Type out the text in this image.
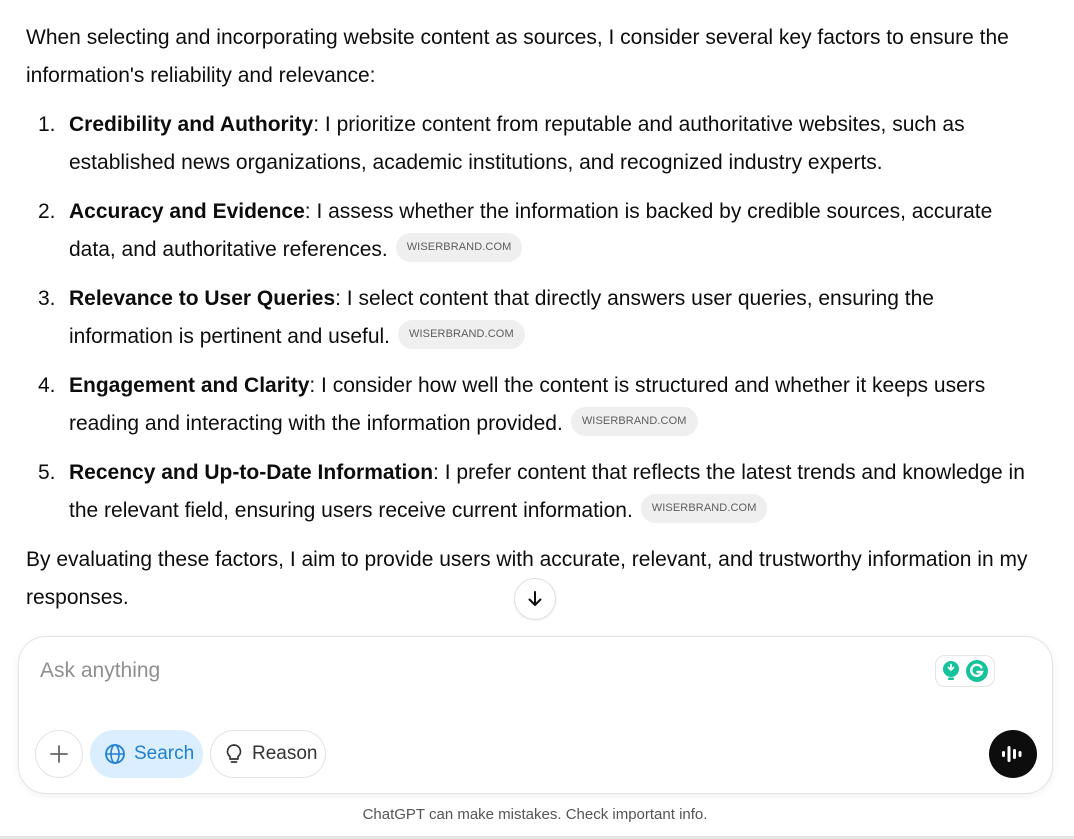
When selecting and incorporating website content as sources, I consider several key factors to ensure the information's reliability and relevance:

1. Credibility and Authority: I prioritize content from reputable and authoritative websites, such as established news organizations, academic institutions, and recognized industry experts.
2. Accuracy and Evidence: I assess whether the information is backed by credible sources, accurate data, and authoritative references. WISERBRAND.COM
3. Relevance to User Queries: I select content that directly answers user queries, ensuring the information is pertinent and useful. WISERBRAND.COM
4. Engagement and Clarity: I consider how well the content is structured and whether it keeps users reading and interacting with the information provided. WISERBRAND.COM
5. Recency and Up-to-Date Information: I prefer content that reflects the latest trends and knowledge in the relevant field, ensuring users receive current information. WISERBRAND.COM

By evaluating these factors, I aim to provide users with accurate, relevant, and trustworthy information in my responses.

Ask anything
Search	Reason
ChatGPT can make mistakes. Check important info.
